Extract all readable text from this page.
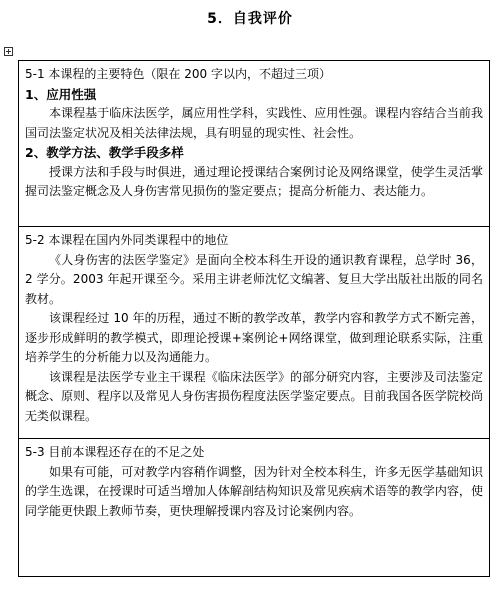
5．自我评价
5-1 本课程的主要特色（限在 200 字以内，不超过三项）
1、应用性强

本课程基于临床法医学，属应用性学科，实践性、应用性强。课程内容结合当前我国司法鉴定状况及相关法律法规，具有明显的现实性、社会性。

2、教学方法、教学手段多样

授课方法和手段与时俱进，通过理论授课结合案例讨论及网络课堂，使学生灵活掌握司法鉴定概念及人身伤害常见损伤的鉴定要点；提高分析能力、表达能力。

5-2 本课程在国内外同类课程中的地位

《人身伤害的法医学鉴定》是面向全校本科生开设的通识教育课程，总学时 36，2 学分。2003 年起开课至今。采用主讲老师沈忆文编著、复旦大学出版社出版的同名教材。

该课程经过 10 年的历程，通过不断的教学改革，教学内容和教学方式不断完善，逐步形成鲜明的教学模式，即理论授课+案例论+网络课堂，做到理论联系实际，注重培养学生的分析能力以及沟通能力。

该课程是法医学专业主干课程《临床法医学》的部分研究内容，主要涉及司法鉴定概念、原则、程序以及常见人身伤害损伤程度法医学鉴定要点。目前我国各医学院校尚无类似课程。

5-3 目前本课程还存在的不足之处

如果有可能，可对教学内容稍作调整，因为针对全校本科生，许多无医学基础知识的学生选课，在授课时可适当增加人体解剖结构知识及常见疾病术语等的教学内容，使同学能更快跟上教师节奏，更快理解授课内容及讨论案例内容。
